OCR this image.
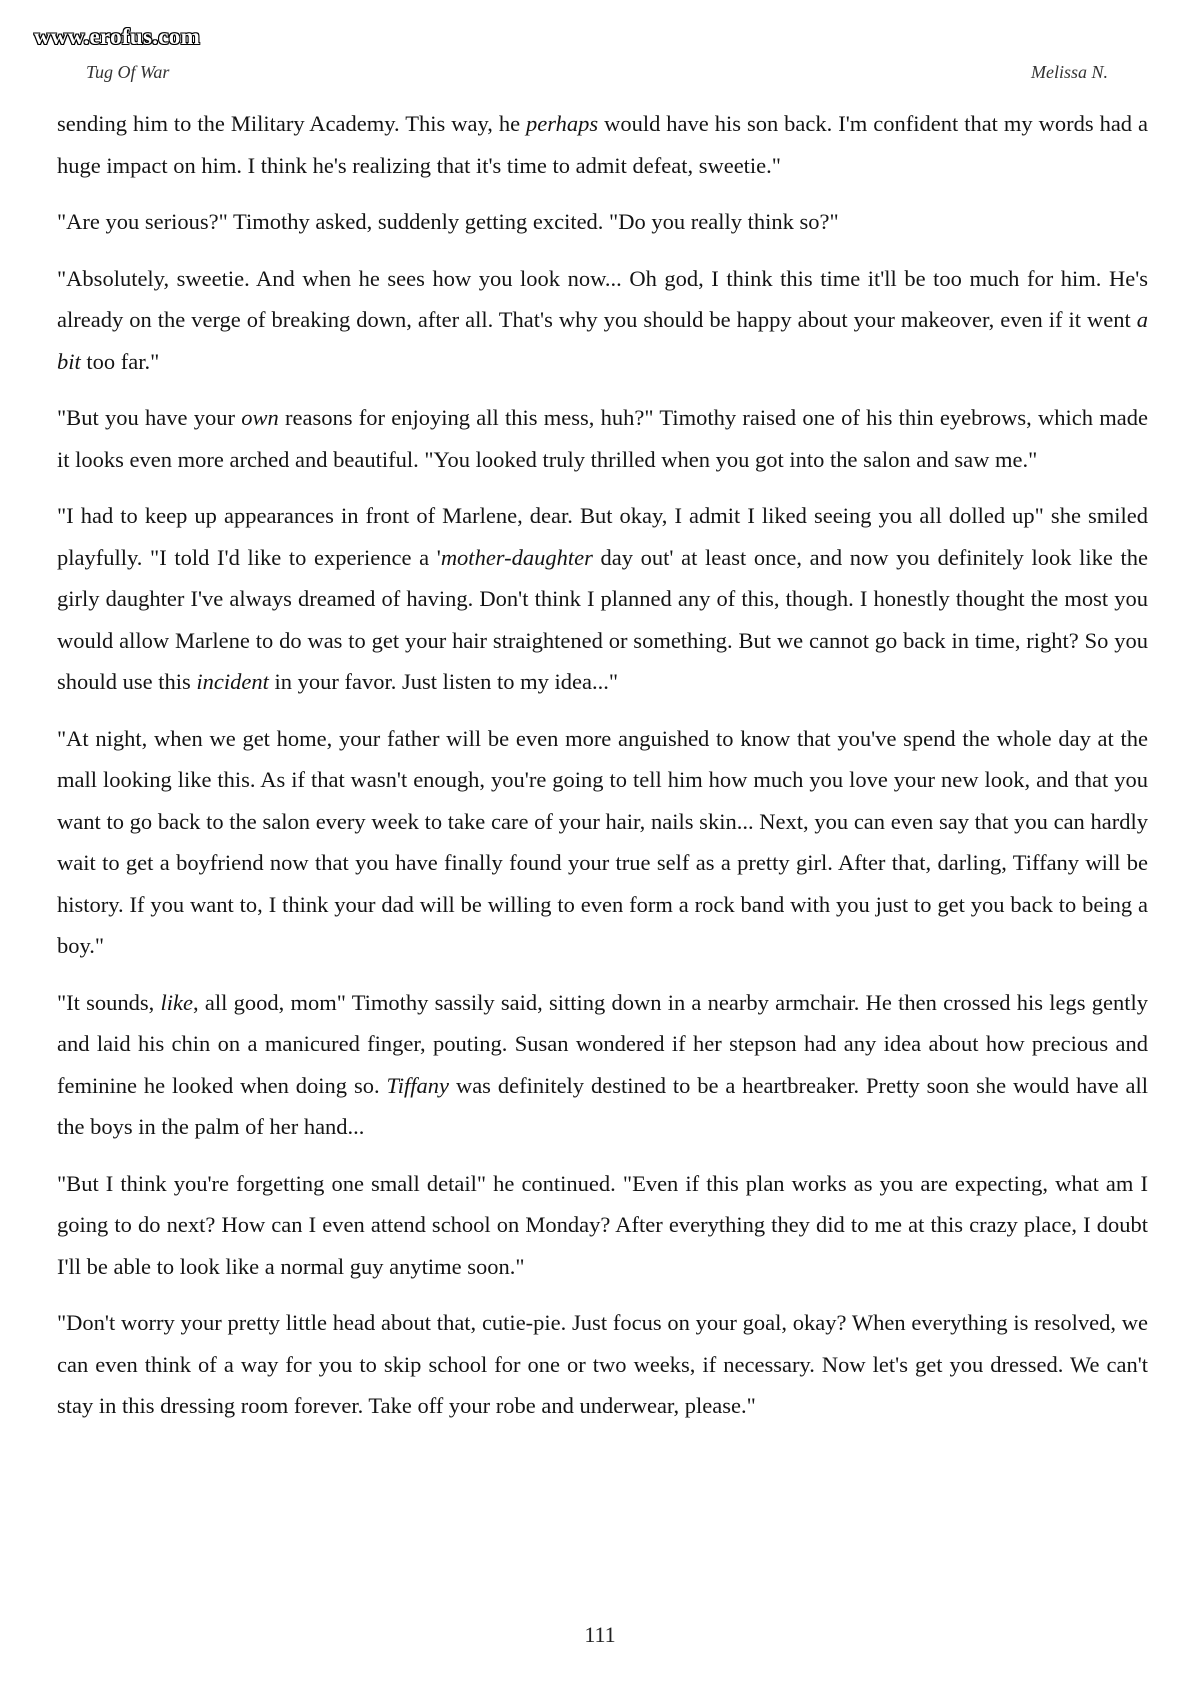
www.erofus.com
Tug Of War	Melissa N.

sending him to the Military Academy. This way, he perhaps would have his son back. I'm confident that my words had a huge impact on him. I think he's realizing that it's time to admit defeat, sweetie."

"Are you serious?" Timothy asked, suddenly getting excited. "Do you really think so?"

"Absolutely, sweetie. And when he sees how you look now... Oh god, I think this time it'll be too much for him. He's already on the verge of breaking down, after all. That's why you should be happy about your makeover, even if it went a bit too far."

"But you have your own reasons for enjoying all this mess, huh?" Timothy raised one of his thin eyebrows, which made it looks even more arched and beautiful. "You looked truly thrilled when you got into the salon and saw me."

"I had to keep up appearances in front of Marlene, dear. But okay, I admit I liked seeing you all dolled up" she smiled playfully. "I told I'd like to experience a 'mother-daughter day out' at least once, and now you definitely look like the girly daughter I've always dreamed of having. Don't think I planned any of this, though. I honestly thought the most you would allow Marlene to do was to get your hair straightened or something. But we cannot go back in time, right? So you should use this incident in your favor. Just listen to my idea..."

"At night, when we get home, your father will be even more anguished to know that you've spend the whole day at the mall looking like this. As if that wasn't enough, you're going to tell him how much you love your new look, and that you want to go back to the salon every week to take care of your hair, nails skin... Next, you can even say that you can hardly wait to get a boyfriend now that you have finally found your true self as a pretty girl. After that, darling, Tiffany will be history. If you want to, I think your dad will be willing to even form a rock band with you just to get you back to being a boy."

"It sounds, like, all good, mom" Timothy sassily said, sitting down in a nearby armchair. He then crossed his legs gently and laid his chin on a manicured finger, pouting. Susan wondered if her stepson had any idea about how precious and feminine he looked when doing so. Tiffany was definitely destined to be a heartbreaker. Pretty soon she would have all the boys in the palm of her hand...

"But I think you're forgetting one small detail" he continued. "Even if this plan works as you are expecting, what am I going to do next? How can I even attend school on Monday? After everything they did to me at this crazy place, I doubt I'll be able to look like a normal guy anytime soon."

"Don't worry your pretty little head about that, cutie-pie. Just focus on your goal, okay? When everything is resolved, we can even think of a way for you to skip school for one or two weeks, if necessary. Now let's get you dressed. We can't stay in this dressing room forever. Take off your robe and underwear, please."

111
